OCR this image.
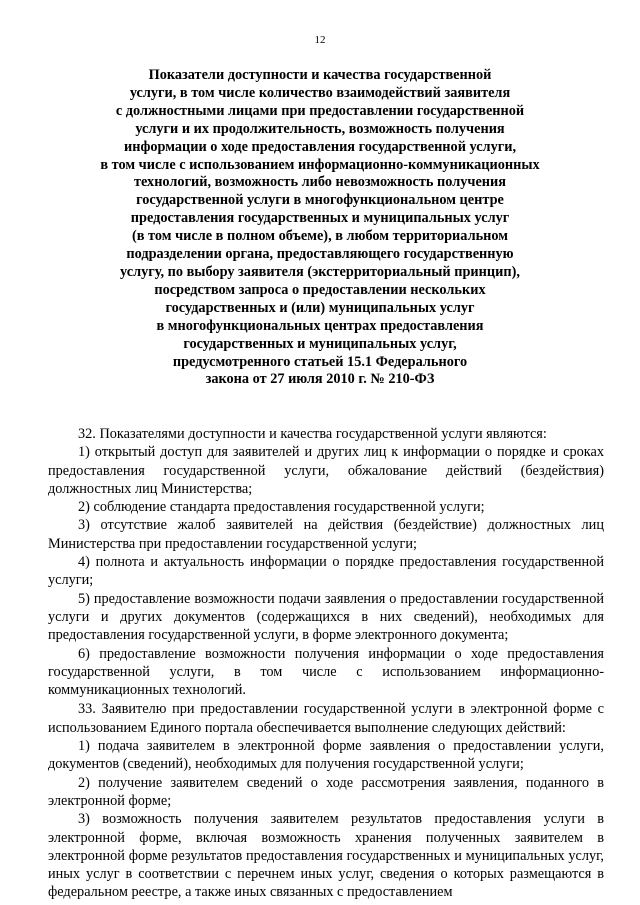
12
Показатели доступности и качества государственной
услуги, в том числе количество взаимодействий заявителя
с должностными лицами при предоставлении государственной
услуги и их продолжительность, возможность получения
информации о ходе предоставления государственной услуги,
в том числе с использованием информационно-коммуникационных
технологий, возможность либо невозможность получения
государственной услуги в многофункциональном центре
предоставления государственных и муниципальных услуг
(в том числе в полном объеме), в любом территориальном
подразделении органа, предоставляющего государственную
услугу, по выбору заявителя (экстерриториальный принцип),
посредством запроса о предоставлении нескольких
государственных и (или) муниципальных услуг
в многофункциональных центрах предоставления
государственных и муниципальных услуг,
предусмотренного статьей 15.1 Федерального
закона от 27 июля 2010 г. № 210-ФЗ

32. Показателями доступности и качества государственной услуги являются:

1) открытый доступ для заявителей и других лиц к информации о порядке и сроках предоставления государственной услуги, обжалование действий (бездействия) должностных лиц Министерства;

2) соблюдение стандарта предоставления государственной услуги;

3) отсутствие жалоб заявителей на действия (бездействие) должностных лиц Министерства при предоставлении государственной услуги;

4) полнота и актуальность информации о порядке предоставления государственной услуги;

5) предоставление возможности подачи заявления о предоставлении государственной услуги и других документов (содержащихся в них сведений), необходимых для предоставления государственной услуги, в форме электронного документа;

6) предоставление возможности получения информации о ходе предоставления государственной услуги, в том числе с использованием информационно-коммуникационных технологий.

33. Заявителю при предоставлении государственной услуги в электронной форме с использованием Единого портала обеспечивается выполнение следующих действий:

1) подача заявителем в электронной форме заявления о предоставлении услуги, документов (сведений), необходимых для получения государственной услуги;

2) получение заявителем сведений о ходе рассмотрения заявления, поданного в электронной форме;

3) возможность получения заявителем результатов предоставления услуги в электронной форме, включая возможность хранения полученных заявителем в электронной форме результатов предоставления государственных и муниципальных услуг, иных услуг в соответствии с перечнем иных услуг, сведения о которых размещаются в федеральном реестре, а также иных связанных с предоставлением
